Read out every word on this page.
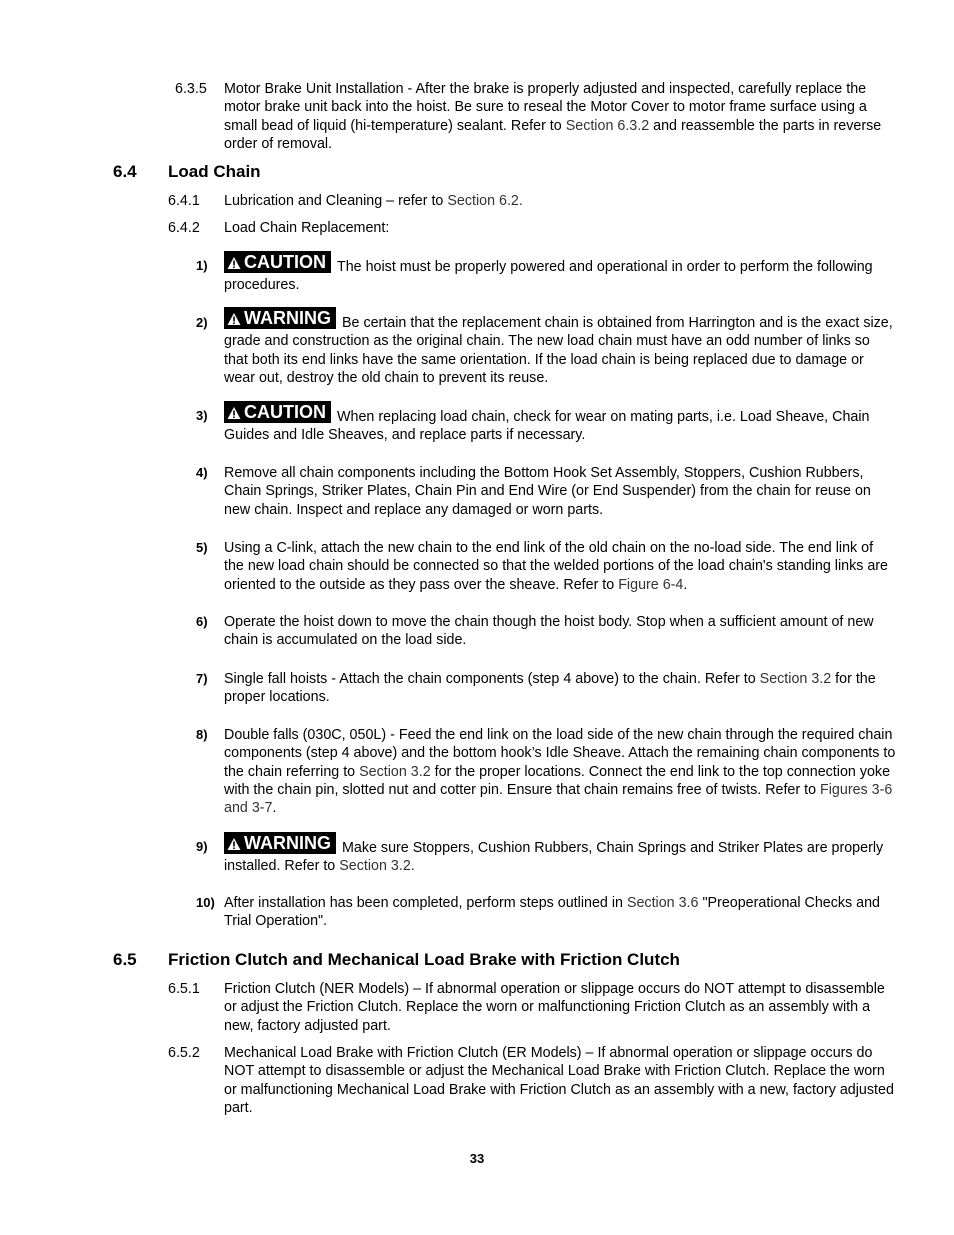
6.3.5 Motor Brake Unit Installation - After the brake is properly adjusted and inspected, carefully replace the motor brake unit back into the hoist. Be sure to reseal the Motor Cover to motor frame surface using a small bead of liquid (hi-temperature) sealant. Refer to Section 6.3.2 and reassemble the parts in reverse order of removal.
6.4 Load Chain
6.4.1 Lubrication and Cleaning – refer to Section 6.2.
6.4.2 Load Chain Replacement:
1)	CAUTION The hoist must be properly powered and operational in order to perform the following procedures.
2)	WARNING Be certain that the replacement chain is obtained from Harrington and is the exact size, grade and construction as the original chain. The new load chain must have an odd number of links so that both its end links have the same orientation. If the load chain is being replaced due to damage or wear out, destroy the old chain to prevent its reuse.
3)	CAUTION When replacing load chain, check for wear on mating parts, i.e. Load Sheave, Chain Guides and Idle Sheaves, and replace parts if necessary.
4) Remove all chain components including the Bottom Hook Set Assembly, Stoppers, Cushion Rubbers, Chain Springs, Striker Plates, Chain Pin and End Wire (or End Suspender) from the chain for reuse on new chain. Inspect and replace any damaged or worn parts.
5) Using a C-link, attach the new chain to the end link of the old chain on the no-load side. The end link of the new load chain should be connected so that the welded portions of the load chain's standing links are oriented to the outside as they pass over the sheave. Refer to Figure 6-4.
6) Operate the hoist down to move the chain though the hoist body. Stop when a sufficient amount of new chain is accumulated on the load side.
7) Single fall hoists - Attach the chain components (step 4 above) to the chain. Refer to Section 3.2 for the proper locations.
8) Double falls (030C, 050L) - Feed the end link on the load side of the new chain through the required chain components (step 4 above) and the bottom hook’s Idle Sheave. Attach the remaining chain components to the chain referring to Section 3.2 for the proper locations. Connect the end link to the top connection yoke with the chain pin, slotted nut and cotter pin. Ensure that chain remains free of twists. Refer to Figures 3-6 and 3-7.
9)	WARNING Make sure Stoppers, Cushion Rubbers, Chain Springs and Striker Plates are properly installed. Refer to Section 3.2.
10) After installation has been completed, perform steps outlined in Section 3.6 "Preoperational Checks and Trial Operation".
6.5 Friction Clutch and Mechanical Load Brake with Friction Clutch
6.5.1 Friction Clutch (NER Models) – If abnormal operation or slippage occurs do NOT attempt to disassemble or adjust the Friction Clutch. Replace the worn or malfunctioning Friction Clutch as an assembly with a new, factory adjusted part.
6.5.2 Mechanical Load Brake with Friction Clutch (ER Models) – If abnormal operation or slippage occurs do NOT attempt to disassemble or adjust the Mechanical Load Brake with Friction Clutch. Replace the worn or malfunctioning Mechanical Load Brake with Friction Clutch as an assembly with a new, factory adjusted part.
33
